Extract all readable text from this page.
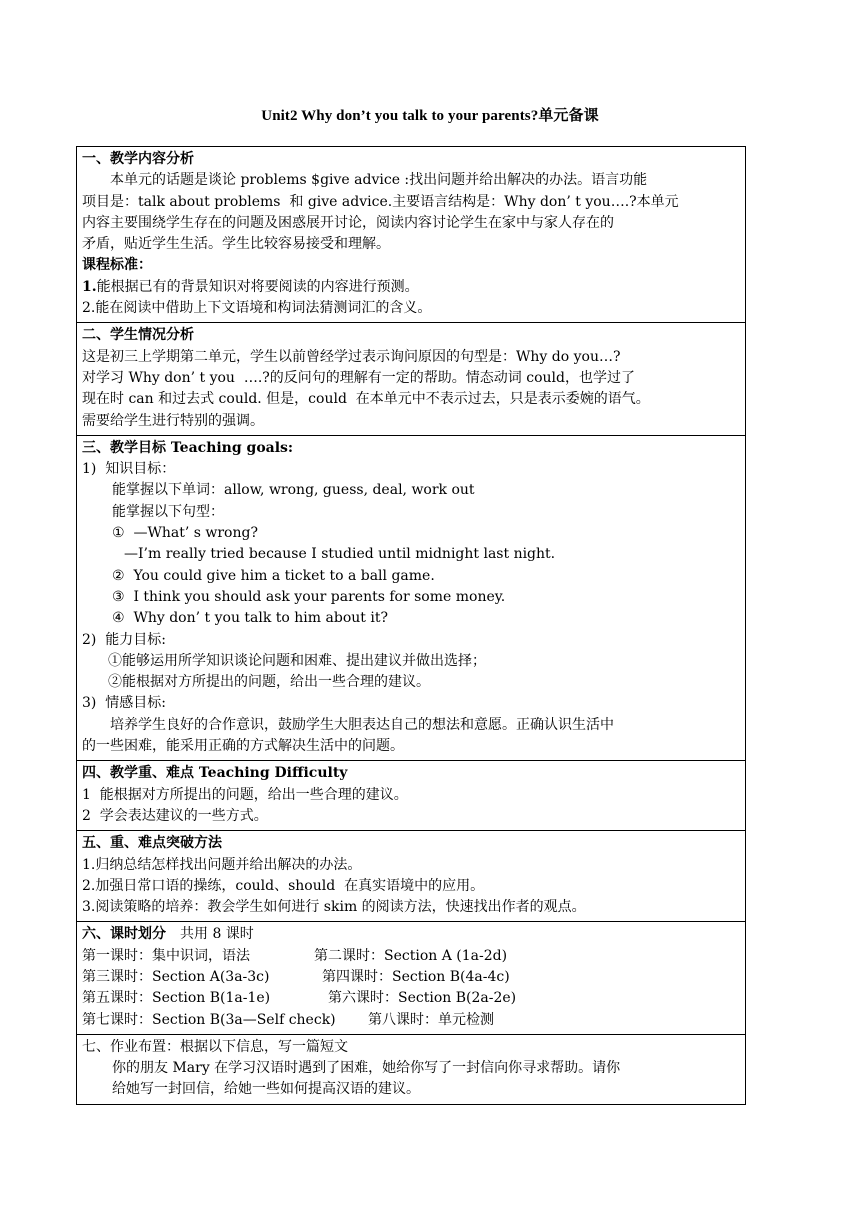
Unit2 Why don’t you talk to your parents?单元备课
一、教学内容分析
本单元的话题是谈论 problems $give advice :找出问题并给出解决的办法。语言功能
项目是：talk about problems  和 give advice.主要语言结构是：Why don’ t you….?本单元
内容主要围绕学生存在的问题及困惑展开讨论，阅读内容讨论学生在家中与家人存在的
矛盾，贴近学生生活。学生比较容易接受和理解。
课程标准：
1.能根据已有的背景知识对将要阅读的内容进行预测。
2.能在阅读中借助上下文语境和构词法猜测词汇的含义。

二、学生情况分析
这是初三上学期第二单元，学生以前曾经学过表示询问原因的句型是：Why do you…?
对学习 Why don’ t you  ….?的反问句的理解有一定的帮助。情态动词 could，也学过了
现在时 can 和过去式 could. 但是，could  在本单元中不表示过去，只是表示委婉的语气。
需要给学生进行特别的强调。

三、教学目标 Teaching goals:
1)  知识目标：
能掌握以下单词：allow, wrong, guess, deal, work out
能掌握以下句型：
①  —What’ s wrong?
—I’m really tried because I studied until midnight last night.
②  You could give him a ticket to a ball game.
③  I think you should ask your parents for some money.
④  Why don’ t you talk to him about it?
2)  能力目标:
①能够运用所学知识谈论问题和困难、提出建议并做出选择；
②能根据对方所提出的问题，给出一些合理的建议。
3)  情感目标:
培养学生良好的合作意识，鼓励学生大胆表达自己的想法和意愿。正确认识生活中
的一些困难，能采用正确的方式解决生活中的问题。

四、教学重、难点 Teaching Difficulty
1  能根据对方所提出的问题，给出一些合理的建议。
2  学会表达建议的一些方式。

五、重、难点突破方法
1.归纳总结怎样找出问题并给出解决的办法。
2.加强日常口语的操练，could、should  在真实语境中的应用。
3.阅读策略的培养：教会学生如何进行 skim 的阅读方法，快速找出作者的观点。

六、课时划分 共用 8 课时
第一课时：集中识词，语法	第二课时：Section A (1a-2d)
第三课时：Section A(3a-3c)	第四课时：Section B(4a-4c)
第五课时：Section B(1a-1e)	第六课时：Section B(2a-2e)
第七课时：Section B(3a—Self check) 第八课时：单元检测

七、作业布置：根据以下信息，写一篇短文
你的朋友 Mary 在学习汉语时遇到了困难，她给你写了一封信向你寻求帮助。请你
给她写一封回信，给她一些如何提高汉语的建议。
